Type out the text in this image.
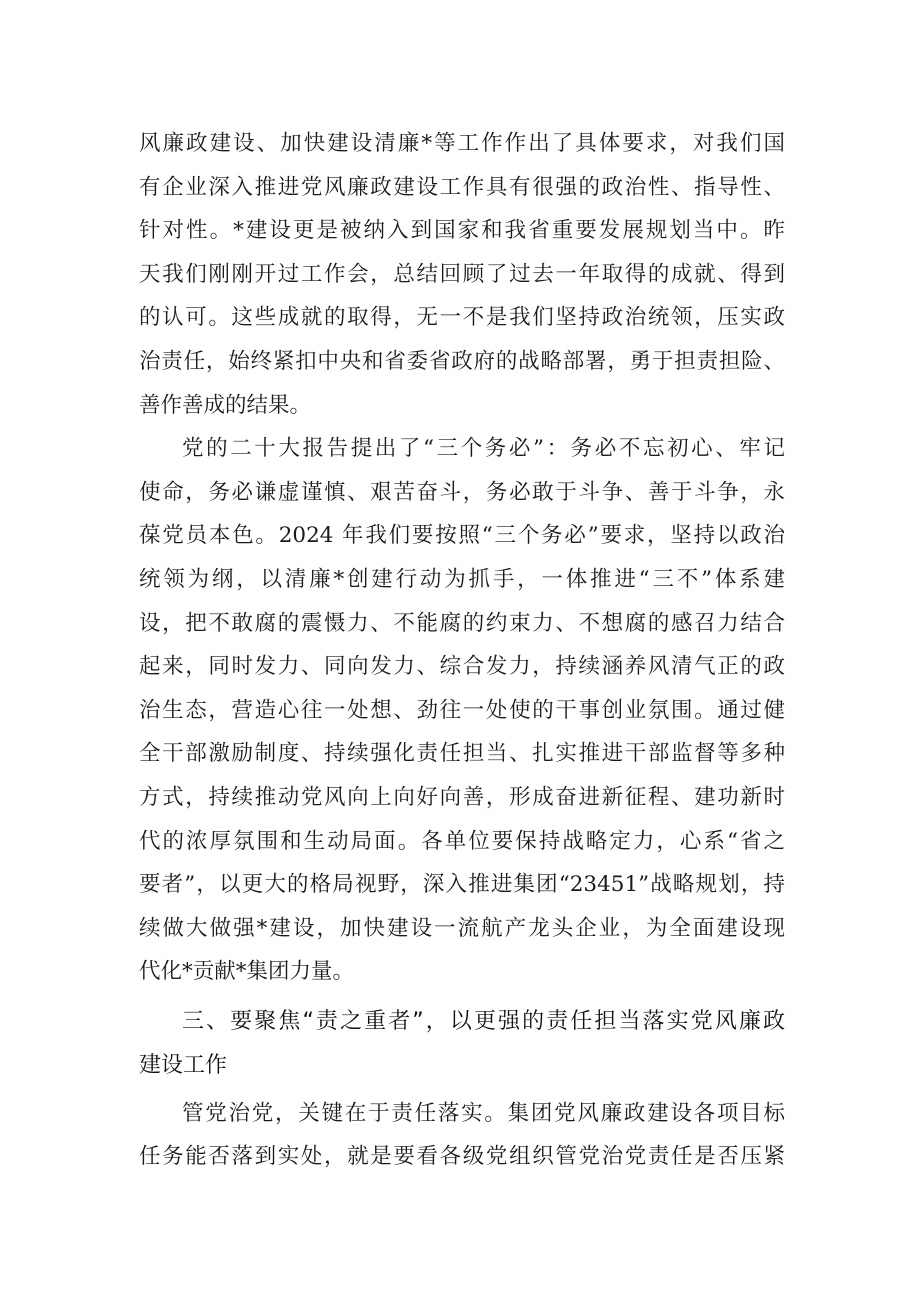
风廉政建设、加快建设清廉*等工作作出了具体要求，对我们国
有企业深入推进党风廉政建设工作具有很强的政治性、指导性、
针对性。*建设更是被纳入到国家和我省重要发展规划当中。昨
天我们刚刚开过工作会，总结回顾了过去一年取得的成就、得到
的认可。这些成就的取得，无一不是我们坚持政治统领，压实政
治责任，始终紧扣中央和省委省政府的战略部署，勇于担责担险、
善作善成的结果。
党的二十大报告提出了“三个务必”：务必不忘初心、牢记
使命，务必谦虚谨慎、艰苦奋斗，务必敢于斗争、善于斗争，永
葆党员本色。2024 年我们要按照“三个务必”要求，坚持以政治
统领为纲，以清廉*创建行动为抓手，一体推进“三不”体系建
设，把不敢腐的震慑力、不能腐的约束力、不想腐的感召力结合
起来，同时发力、同向发力、综合发力，持续涵养风清气正的政
治生态，营造心往一处想、劲往一处使的干事创业氛围。通过健
全干部激励制度、持续强化责任担当、扎实推进干部监督等多种
方式，持续推动党风向上向好向善，形成奋进新征程、建功新时
代的浓厚氛围和生动局面。各单位要保持战略定力，心系“省之
要者”，以更大的格局视野，深入推进集团“23451”战略规划，持
续做大做强*建设，加快建设一流航产龙头企业，为全面建设现
代化*贡献*集团力量。
三、要聚焦“责之重者”，以更强的责任担当落实党风廉政
建设工作
管党治党，关键在于责任落实。集团党风廉政建设各项目标
任务能否落到实处，就是要看各级党组织管党治党责任是否压紧
